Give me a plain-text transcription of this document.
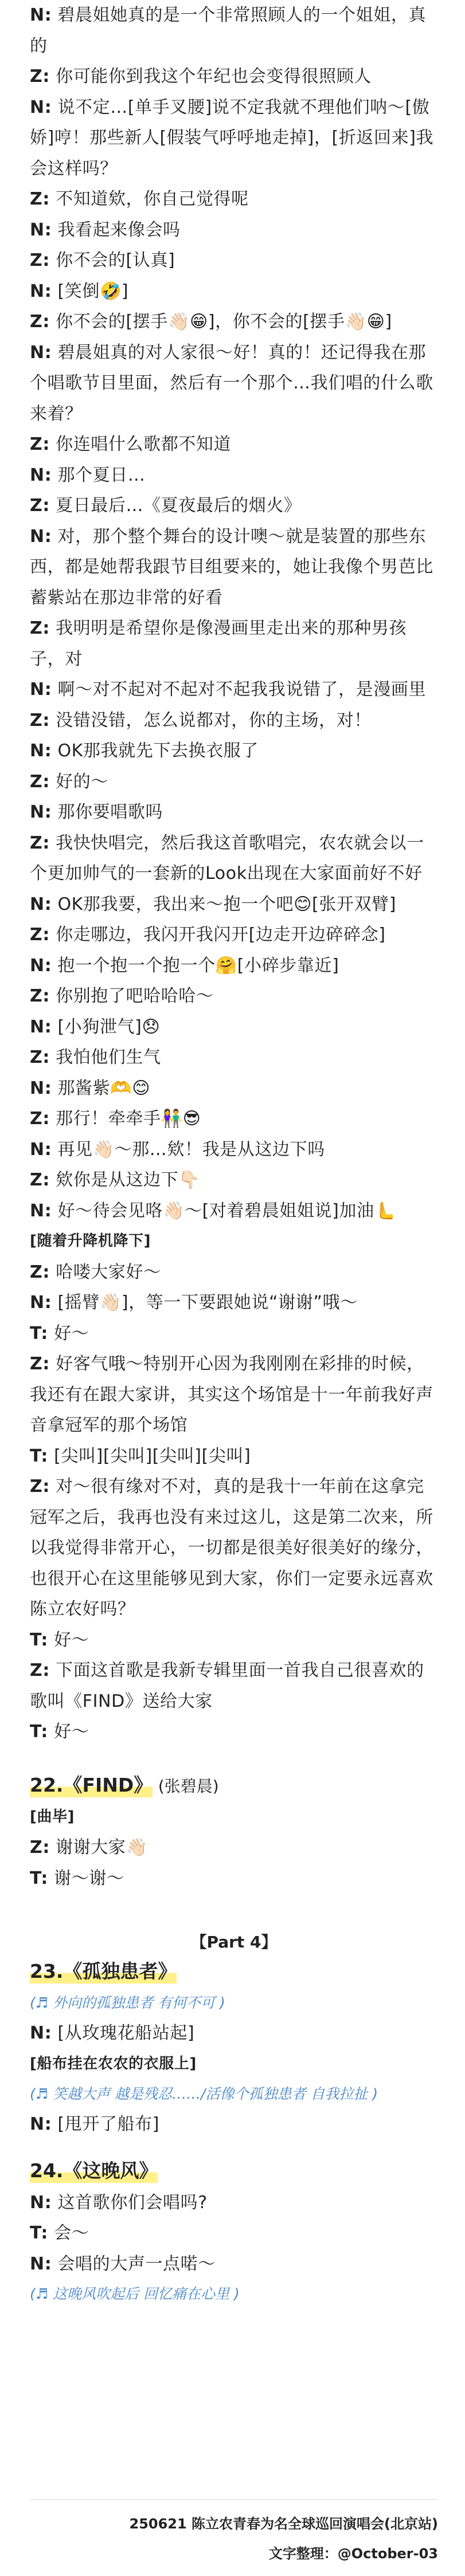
N: 碧晨姐她真的是一个非常照顾人的一个姐姐，真的

Z: 你可能你到我这个年纪也会变得很照顾人

N: 说不定…[单手叉腰]说不定我就不理他们呐～[傲娇]哼！那些新人[假装气呼呼地走掉]，[折返回来]我会这样吗？

Z: 不知道欸，你自己觉得呢

N: 我看起来像会吗

Z: 你不会的[认真]

N: [笑倒🤣]

Z: 你不会的[摆手👋🏻😁]，你不会的[摆手👋🏻😁]

N: 碧晨姐真的对人家很～好！真的！还记得我在那个唱歌节目里面，然后有一个那个…我们唱的什么歌来着？

Z: 你连唱什么歌都不知道

N: 那个夏日…

Z: 夏日最后…《夏夜最后的烟火》

N: 对，那个整个舞台的设计噢～就是装置的那些东西，都是她帮我跟节目组要来的，她让我像个男芭比蓄紫站在那边非常的好看

Z: 我明明是希望你是像漫画里走出来的那种男孩子，对

N: 啊～对不起对不起对不起我我说错了，是漫画里

Z: 没错没错，怎么说都对，你的主场，对！

N: OK那我就先下去换衣服了

Z: 好的～

N: 那你要唱歌吗

Z: 我快快唱完，然后我这首歌唱完，农农就会以一个更加帅气的一套新的Look出现在大家面前好不好

N: OK那我要，我出来～抱一个吧😊[张开双臂]

Z: 你走哪边，我闪开我闪开[边走开边碎碎念]

N: 抱一个抱一个抱一个🤗[小碎步靠近]

Z: 你别抱了吧哈哈哈～

N: [小狗泄气]😞

Z: 我怕他们生气

N: 那酱紫🫶😊

Z: 那行！牵牵手👫😎

N: 再见👋🏻～那…欸！我是从这边下吗

Z: 欸你是从这边下👇🏻

N: 好～待会见咯👋🏻～[对着碧晨姐姐说]加油🫷

[随着升降机降下]

Z: 哈喽大家好～

N: [摇臂👋🏻]，等一下要跟她说“谢谢”哦～

T: 好～

Z: 好客气哦～特别开心因为我刚刚在彩排的时候，我还有在跟大家讲，其实这个场馆是十一年前我好声音拿冠军的那个场馆

T: [尖叫][尖叫][尖叫][尖叫]

Z: 对～很有缘对不对，真的是我十一年前在这拿完冠军之后，我再也没有来过这儿，这是第二次来，所以我觉得非常开心，一切都是很美好很美好的缘分，也很开心在这里能够见到大家，你们一定要永远喜欢陈立农好吗？

T: 好～

Z: 下面这首歌是我新专辑里面一首我自己很喜欢的歌叫《FIND》送给大家

T: 好～

22.《FIND》 (张碧晨)

[曲毕]

Z: 谢谢大家👋🏻

T: 谢～谢～

【Part 4】

23.《孤独患者》

(♬ 外向的孤独患者 有何不可 )

N: [从玫瑰花船站起]

[船布挂在农农的衣服上]

(♬ 笑越大声 越是残忍……/活像个孤独患者 自我拉扯 )

N: [甩开了船布]

24.《这晚风》

N: 这首歌你们会唱吗?

T: 会～

N: 会唱的大声一点喏～

(♬ 这晚风吹起后 回忆痛在心里 )

250621 陈立农青春为名全球巡回演唱会(北京站)
文字整理：@October-03
